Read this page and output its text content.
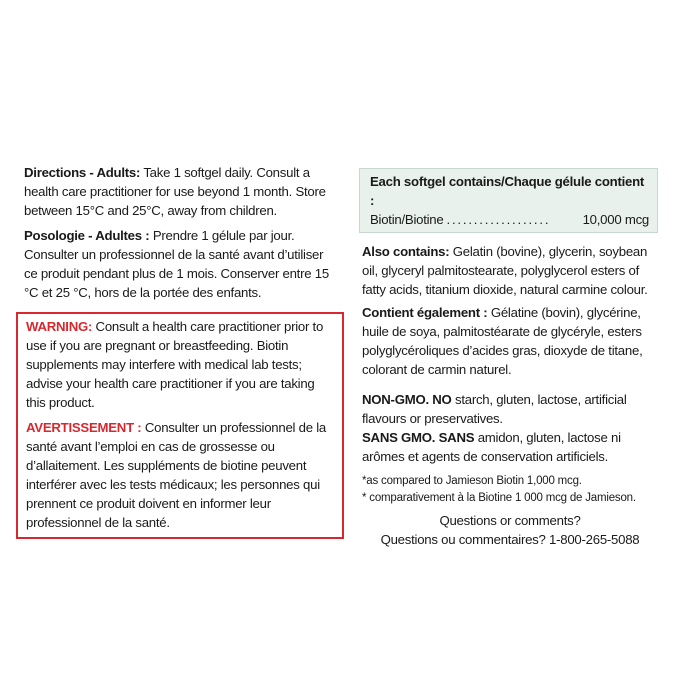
Directions - Adults: Take 1 softgel daily. Consult a health care practitioner for use beyond 1 month. Store between 15°C and 25°C, away from children.

Posologie - Adultes : Prendre 1 gélule par jour. Consulter un professionnel de la santé avant d’utiliser ce produit pendant plus de 1 mois. Conserver entre 15 °C et 25 °C, hors de la portée des enfants.

WARNING: Consult a health care practitioner prior to use if you are pregnant or breastfeeding. Biotin supplements may interfere with medical lab tests; advise your health care practitioner if you are taking this product.

AVERTISSEMENT : Consulter un professionnel de la santé avant l’emploi en cas de grossesse ou d’allaitement. Les suppléments de biotine peuvent interférer avec les tests médicaux; les personnes qui prennent ce produit doivent en informer leur professionnel de la santé.

Each softgel contains/Chaque gélule contient :

Biotin/Biotine ...................	10,000 mcg

Also contains: Gelatin (bovine), glycerin, soybean oil, glyceryl palmitostearate, polyglycerol esters of fatty acids, titanium dioxide, natural carmine colour.

Contient également : Gélatine (bovin), glycérine, huile de soya, palmitostéarate de glycéryle, esters polyglycéroliques d’acides gras, dioxyde de titane, colorant de carmin naturel.

NON-GMO. NO starch, gluten, lactose, artificial flavours or preservatives.

SANS GMO. SANS amidon, gluten, lactose ni arômes et agents de conservation artificiels.

*as compared to Jamieson Biotin 1,000 mcg.

* comparativement à la Biotine 1 000 mcg de Jamieson.

Questions or comments?

Questions ou commentaires? 1-800-265-5088
